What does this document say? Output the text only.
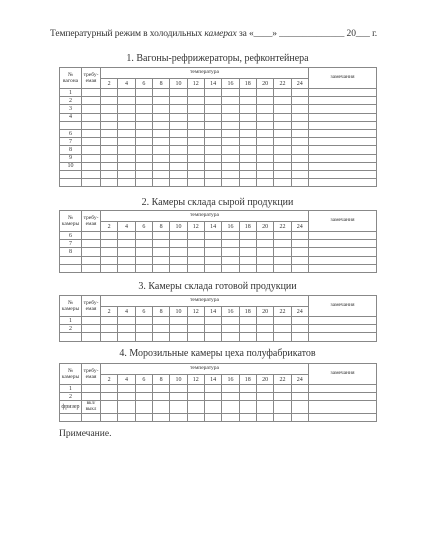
Температурный режим в холодильных камерах за «____» ______________ 20___ г.
1. Вагоны-рефрижераторы, рефконтейнера
№ вагона	требу-емая	температура												замечания
		2	4	6	8	10	12	14	16	18	20	22	24	
1														
2														
3														
4														

6														
7														
8														
9														
10														

2. Камеры склада сырой продукции
№ камеры	требу-емая	температура												замечания
		2	4	6	8	10	12	14	16	18	20	22	24	
6														
7														
8														

3. Камеры склада готовой продукции
№ камеры	требу-емая	температура												замечания
		2	4	6	8	10	12	14	16	18	20	22	24	
1														
2														

4. Морозильные камеры цеха полуфабрикатов
№ камеры	требу-емая	температура												замечания
		2	4	6	8	10	12	14	16	18	20	22	24	
1														
2														
фризер	вкл/ выкл													

Примечание.
